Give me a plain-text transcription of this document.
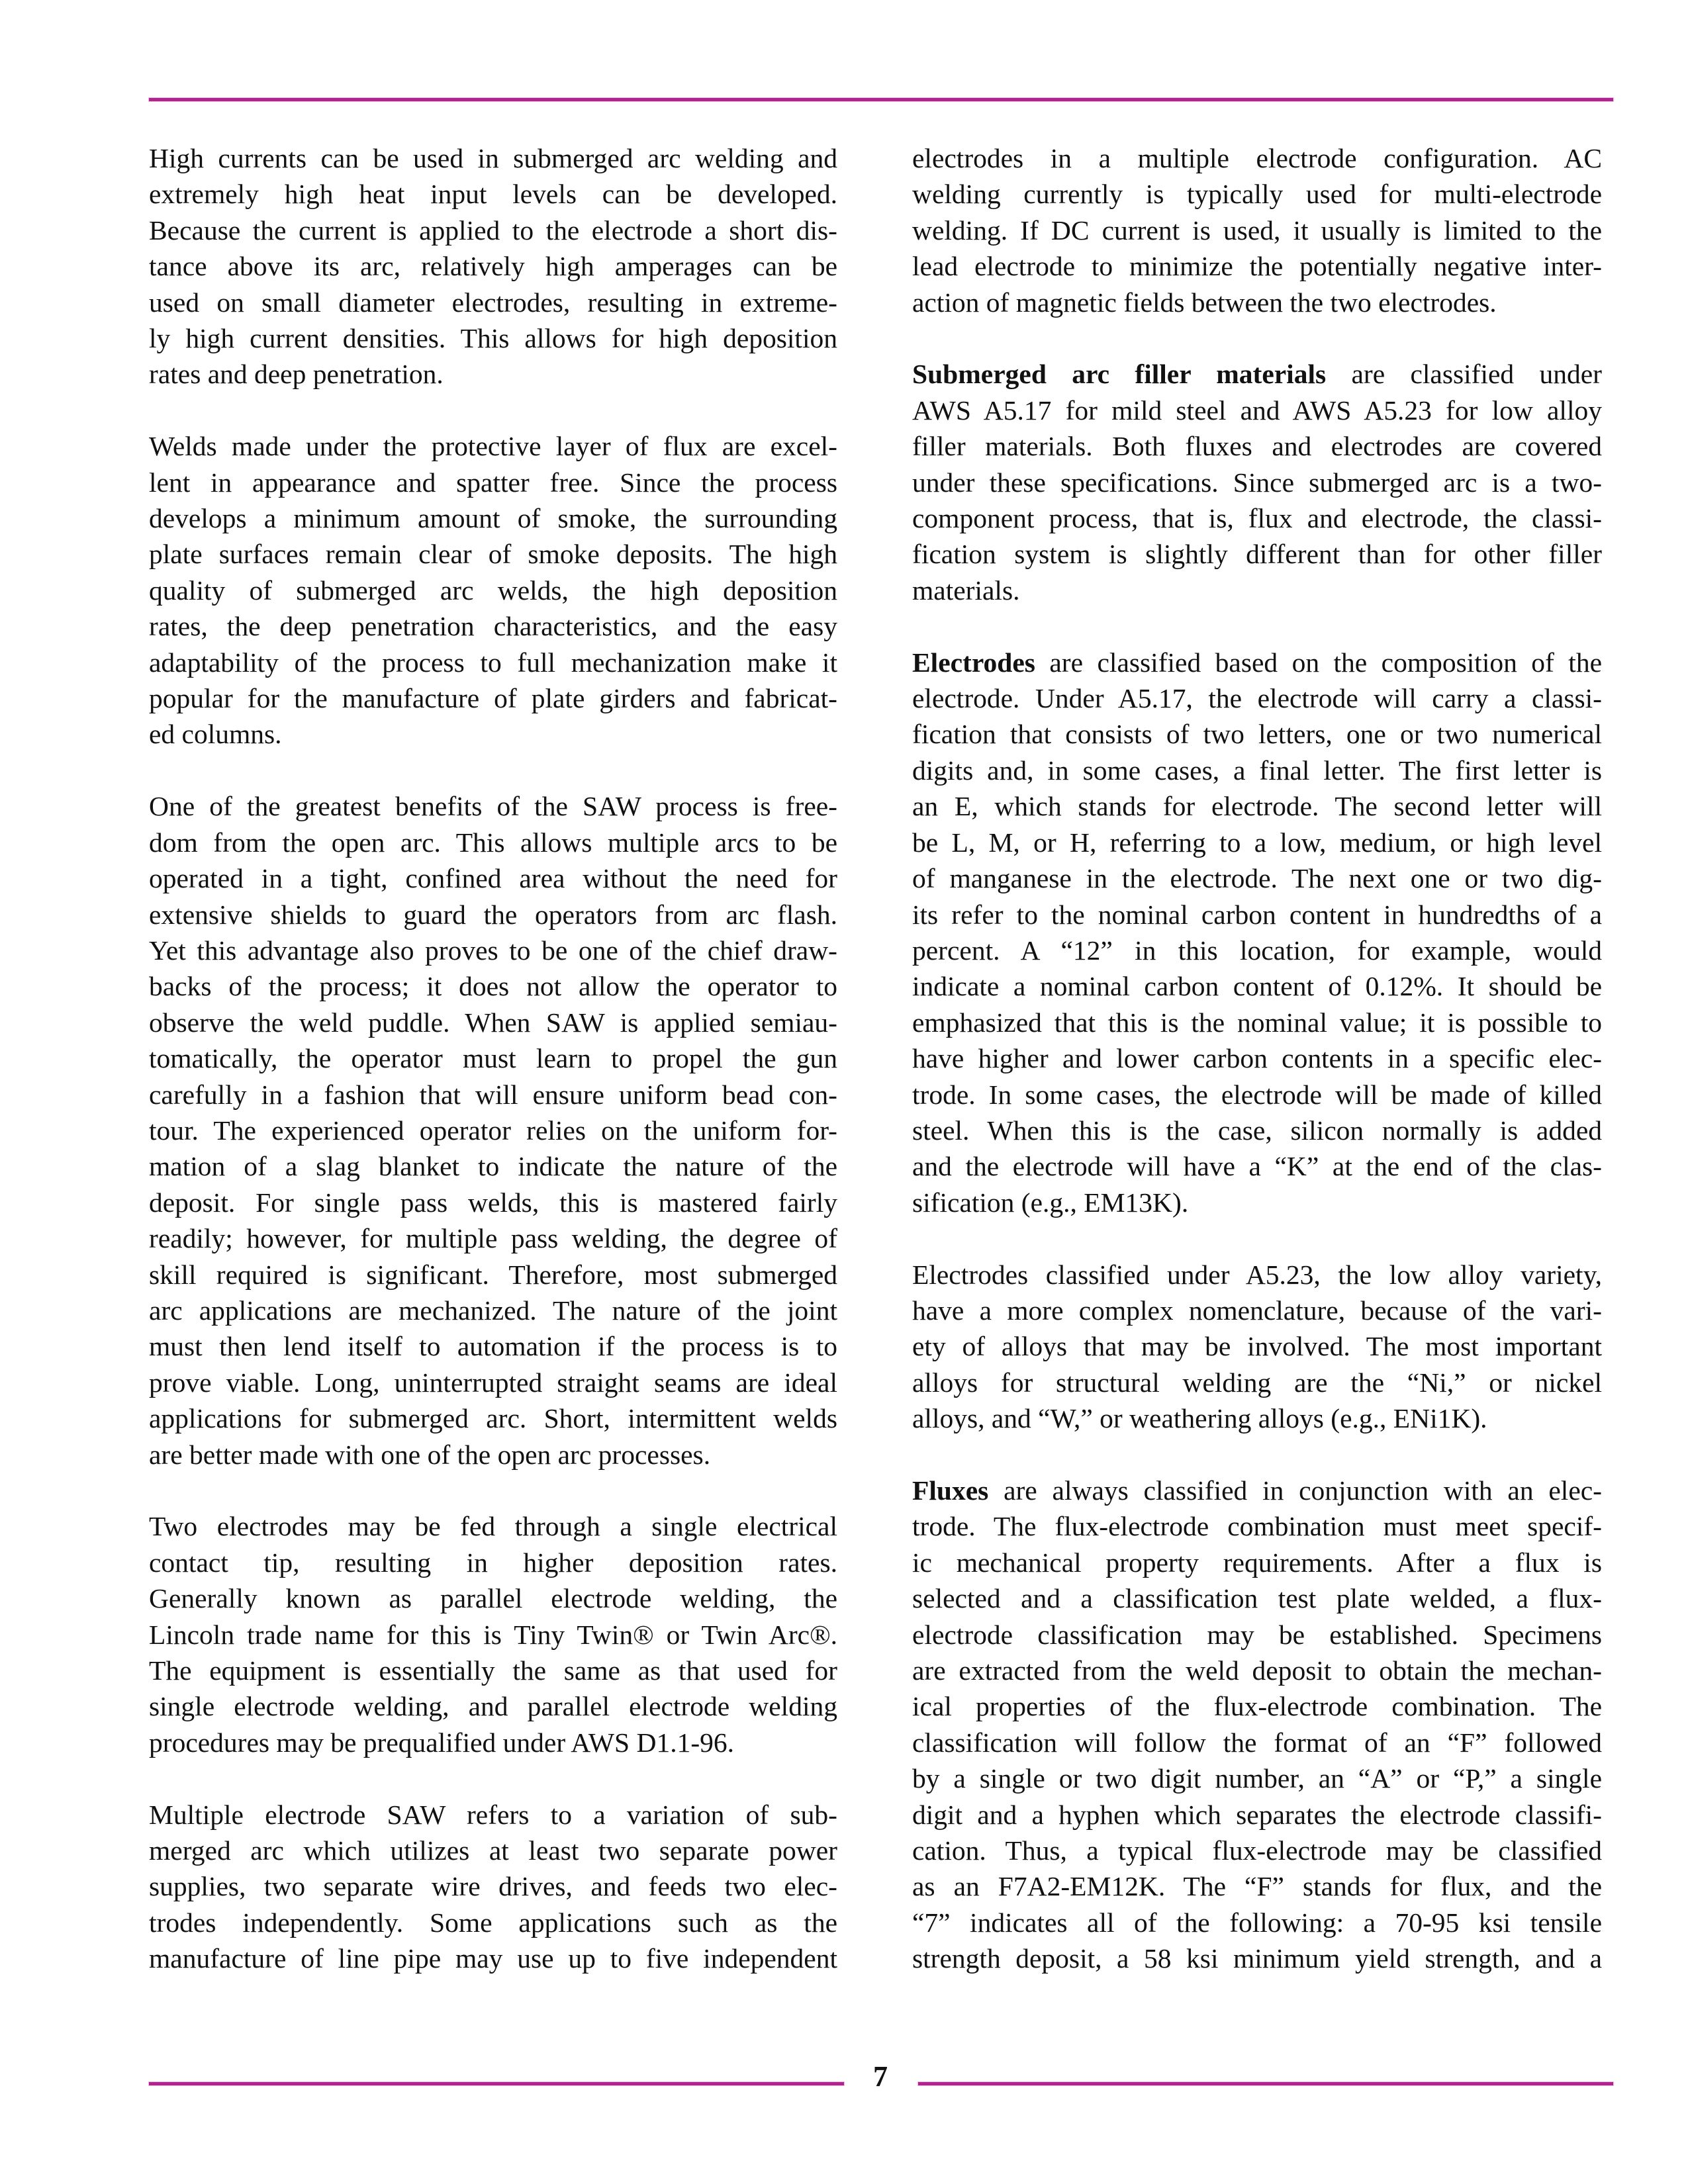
High currents can be used in submerged arc welding and
extremely high heat input levels can be developed.
Because the current is applied to the electrode a short dis-
tance above its arc, relatively high amperages can be
used on small diameter electrodes, resulting in extreme-
ly high current densities. This allows for high deposition
rates and deep penetration.
Welds made under the protective layer of flux are excel-
lent in appearance and spatter free. Since the process
develops a minimum amount of smoke, the surrounding
plate surfaces remain clear of smoke deposits. The high
quality of submerged arc welds, the high deposition
rates, the deep penetration characteristics, and the easy
adaptability of the process to full mechanization make it
popular for the manufacture of plate girders and fabricat-
ed columns.
One of the greatest benefits of the SAW process is free-
dom from the open arc. This allows multiple arcs to be
operated in a tight, confined area without the need for
extensive shields to guard the operators from arc flash.
Yet this advantage also proves to be one of the chief draw-
backs of the process; it does not allow the operator to
observe the weld puddle. When SAW is applied semiau-
tomatically, the operator must learn to propel the gun
carefully in a fashion that will ensure uniform bead con-
tour. The experienced operator relies on the uniform for-
mation of a slag blanket to indicate the nature of the
deposit. For single pass welds, this is mastered fairly
readily; however, for multiple pass welding, the degree of
skill required is significant. Therefore, most submerged
arc applications are mechanized. The nature of the joint
must then lend itself to automation if the process is to
prove viable. Long, uninterrupted straight seams are ideal
applications for submerged arc. Short, intermittent welds
are better made with one of the open arc processes.
Two electrodes may be fed through a single electrical
contact tip, resulting in higher deposition rates.
Generally known as parallel electrode welding, the
Lincoln trade name for this is Tiny Twin® or Twin Arc®.
The equipment is essentially the same as that used for
single electrode welding, and parallel electrode welding
procedures may be prequalified under AWS D1.1-96.
Multiple electrode SAW refers to a variation of sub-
merged arc which utilizes at least two separate power
supplies, two separate wire drives, and feeds two elec-
trodes independently. Some applications such as the
manufacture of line pipe may use up to five independent
electrodes in a multiple electrode configuration. AC
welding currently is typically used for multi-electrode
welding. If DC current is used, it usually is limited to the
lead electrode to minimize the potentially negative inter-
action of magnetic fields between the two electrodes.
Submerged arc filler materials are classified under
AWS A5.17 for mild steel and AWS A5.23 for low alloy
filler materials. Both fluxes and electrodes are covered
under these specifications. Since submerged arc is a two-
component process, that is, flux and electrode, the classi-
fication system is slightly different than for other filler
materials.
Electrodes are classified based on the composition of the
electrode. Under A5.17, the electrode will carry a classi-
fication that consists of two letters, one or two numerical
digits and, in some cases, a final letter. The first letter is
an E, which stands for electrode. The second letter will
be L, M, or H, referring to a low, medium, or high level
of manganese in the electrode. The next one or two dig-
its refer to the nominal carbon content in hundredths of a
percent. A “12” in this location, for example, would
indicate a nominal carbon content of 0.12%. It should be
emphasized that this is the nominal value; it is possible to
have higher and lower carbon contents in a specific elec-
trode. In some cases, the electrode will be made of killed
steel. When this is the case, silicon normally is added
and the electrode will have a “K” at the end of the clas-
sification (e.g., EM13K).
Electrodes classified under A5.23, the low alloy variety,
have a more complex nomenclature, because of the vari-
ety of alloys that may be involved. The most important
alloys for structural welding are the “Ni,” or nickel
alloys, and “W,” or weathering alloys (e.g., ENi1K).
Fluxes are always classified in conjunction with an elec-
trode. The flux-electrode combination must meet specif-
ic mechanical property requirements. After a flux is
selected and a classification test plate welded, a flux-
electrode classification may be established. Specimens
are extracted from the weld deposit to obtain the mechan-
ical properties of the flux-electrode combination. The
classification will follow the format of an “F” followed
by a single or two digit number, an “A” or “P,” a single
digit and a hyphen which separates the electrode classifi-
cation. Thus, a typical flux-electrode may be classified
as an F7A2-EM12K. The “F” stands for flux, and the
“7” indicates all of the following: a 70-95 ksi tensile
strength deposit, a 58 ksi minimum yield strength, and a
7
